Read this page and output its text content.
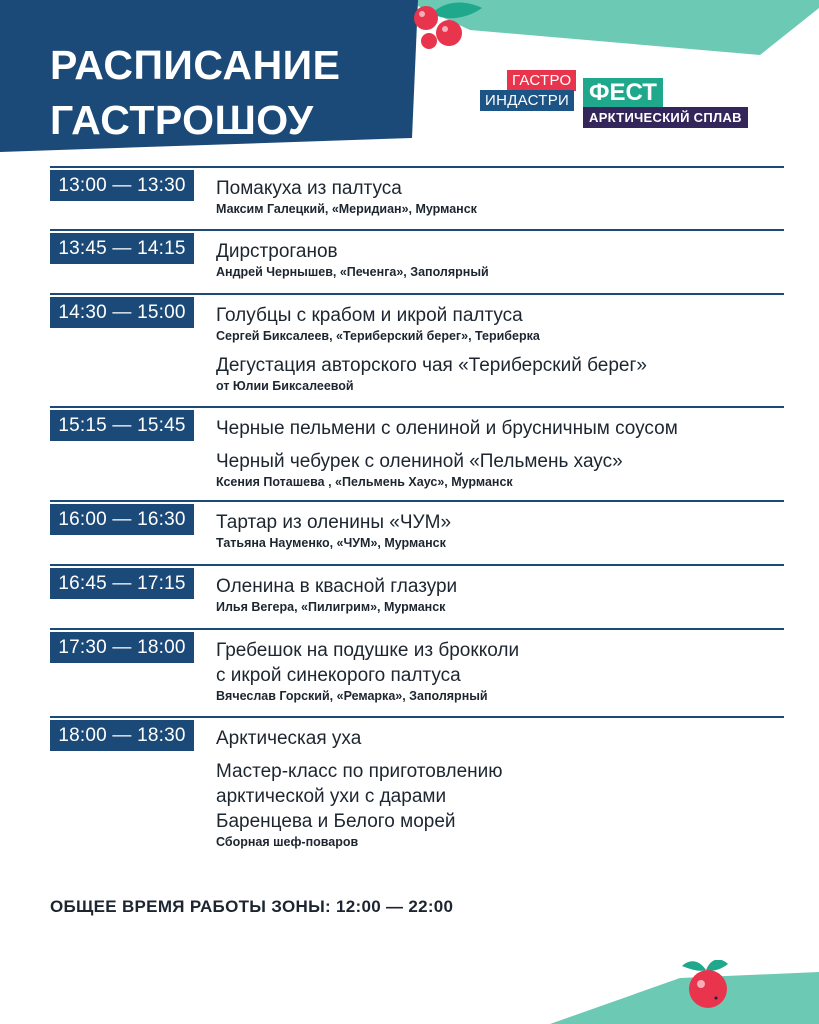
РАСПИСАНИЕ
ГАСТРОШОУ
ГАСТРО
ИНДАСТРИ ФЕСТ
АРКТИЧЕСКИЙ СПЛАВ
13:00 — 13:30	Помакуха из палтуса
Максим Галецкий, «Меридиан», Мурманск
13:45 — 14:15	Дирстроганов
Андрей Чернышев, «Печенга», Заполярный
14:30 — 15:00	Голубцы с крабом и икрой палтуса
Сергей Биксалеев, «Териберский берег», Териберка
Дегустация авторского чая «Териберский берег»
от Юлии Биксалеевой
15:15 — 15:45	Черные пельмени с олениной и брусничным соусом
Черный чебурек с олениной «Пельмень хаус»
Ксения Поташева , «Пельмень Хаус», Мурманск
16:00 — 16:30	Тартар из оленины «ЧУМ»
Татьяна Науменко, «ЧУМ», Мурманск
16:45 — 17:15	Оленина в квасной глазури
Илья Вегера, «Пилигрим», Мурманск
17:30 — 18:00	Гребешок на подушке из брокколи
с икрой синекорого палтуса
Вячеслав Горский, «Ремарка», Заполярный
18:00 — 18:30	Арктическая уха
Мастер-класс по приготовлению
арктической ухи с дарами
Баренцева и Белого морей
Сборная шеф-поваров
ОБЩЕЕ ВРЕМЯ РАБОТЫ ЗОНЫ: 12:00 — 22:00
